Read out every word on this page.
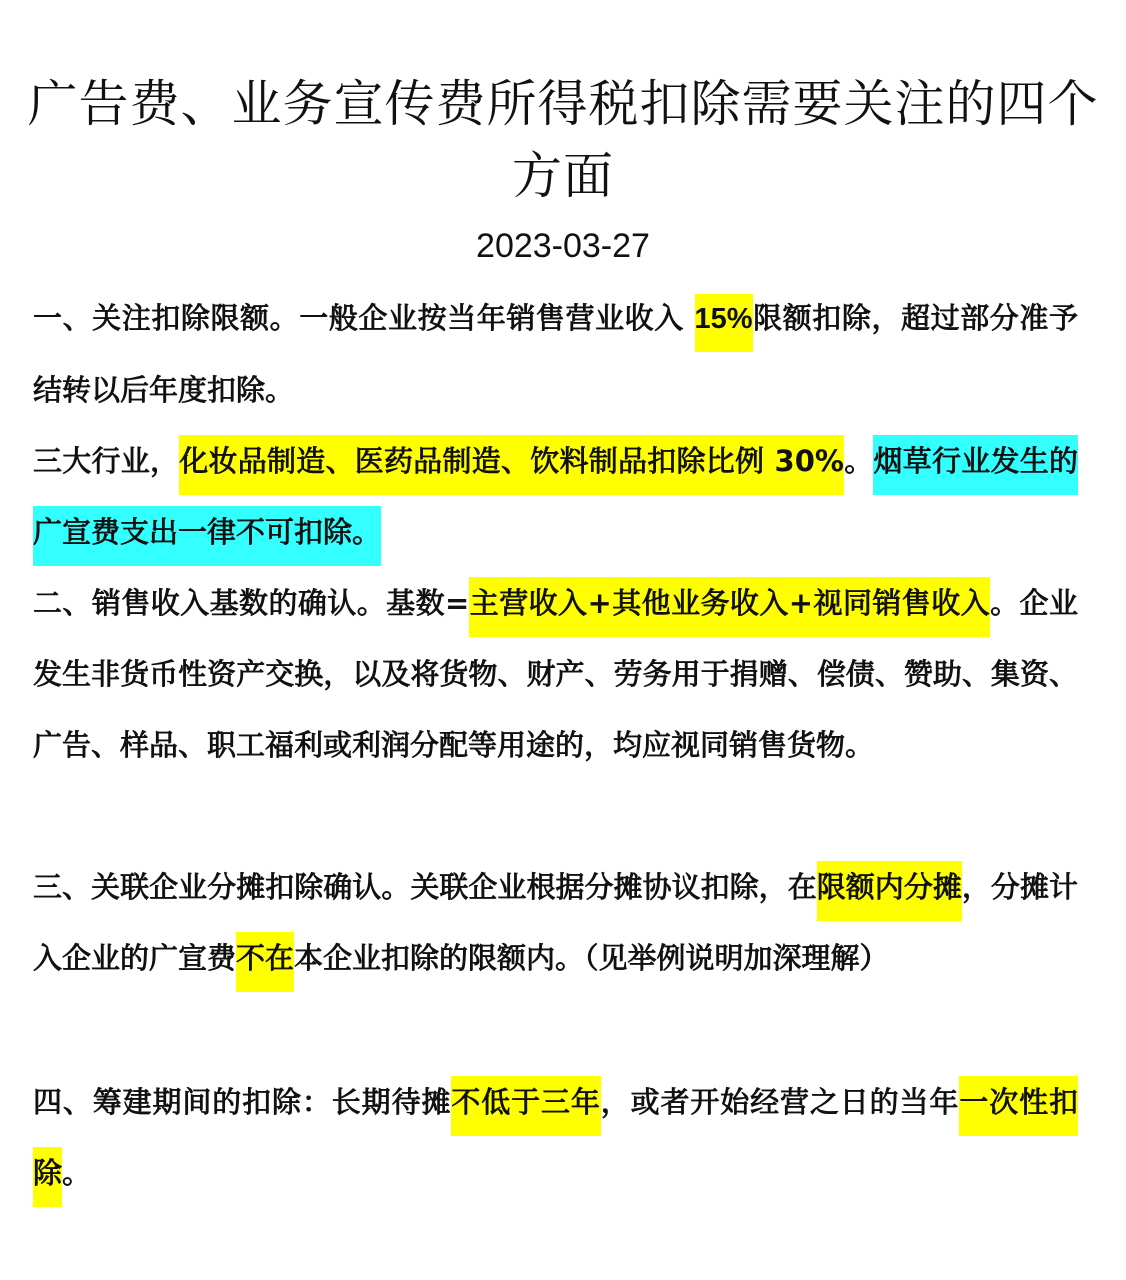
广告费、业务宣传费所得税扣除需要关注的四个方面
2023-03-27

一、关注扣除限额。一般企业按当年销售营业收入 15%限额扣除，超过部分准予结转以后年度扣除。

三大行业，化妆品制造、医药品制造、饮料制品扣除比例 30%。烟草行业发生的广宣费支出一律不可扣除。

二、销售收入基数的确认。基数=主营收入+其他业务收入+视同销售收入。企业发生非货币性资产交换，以及将货物、财产、劳务用于捐赠、偿债、赞助、集资、广告、样品、职工福利或利润分配等用途的，均应视同销售货物。

三、关联企业分摊扣除确认。关联企业根据分摊协议扣除，在限额内分摊，分摊计入企业的广宣费不在本企业扣除的限额内。（见举例说明加深理解）

四、筹建期间的扣除：长期待摊不低于三年，或者开始经营之日的当年一次性扣除。
